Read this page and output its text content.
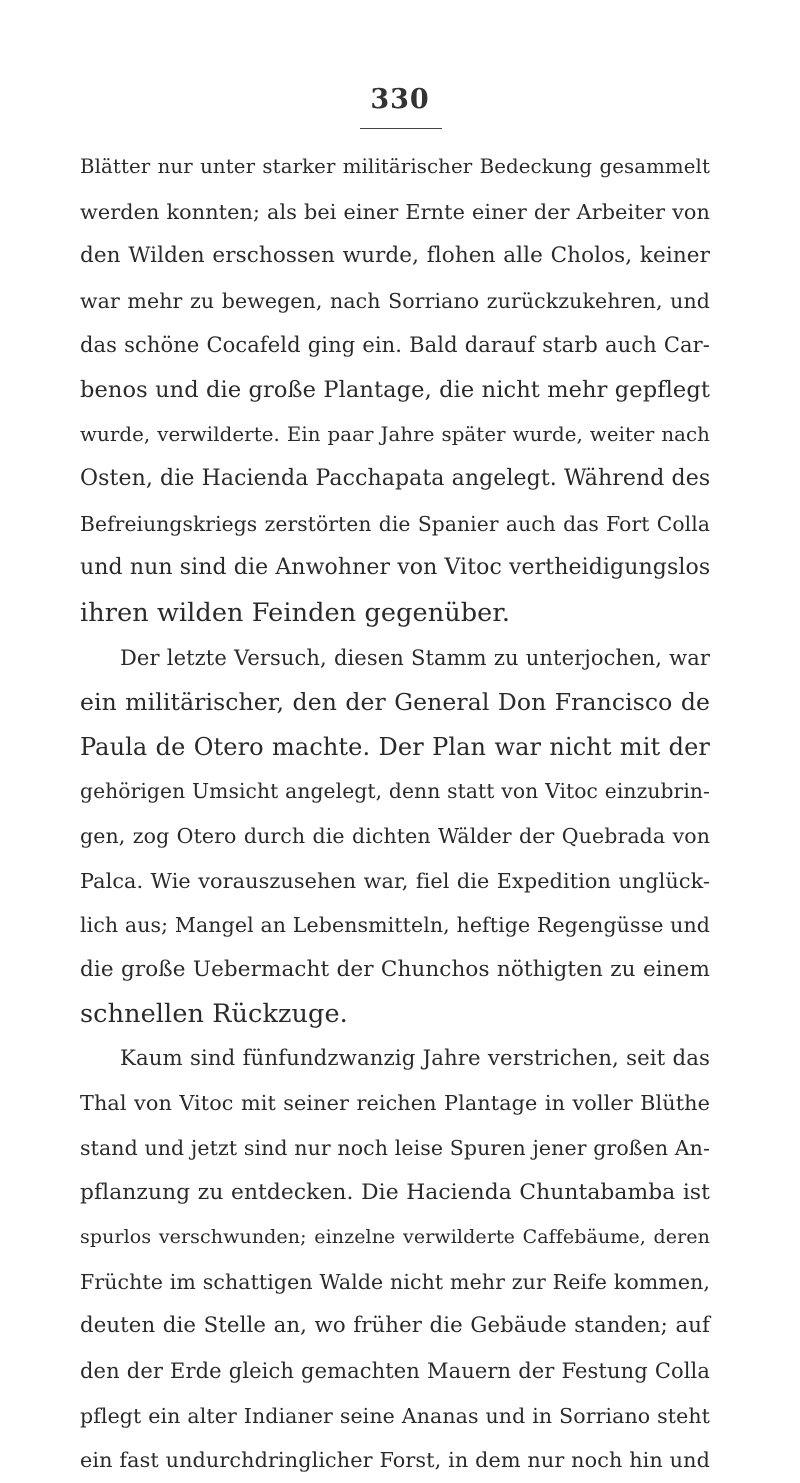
330
Blätter nur unter starker militärischer Bedeckung gesammelt
werden konnten; als bei einer Ernte einer der Arbeiter von
den Wilden erschossen wurde, flohen alle Cholos, keiner
war mehr zu bewegen, nach Sorriano zurückzukehren, und
das schöne Cocafeld ging ein. Bald darauf starb auch Car-
benos und die große Plantage, die nicht mehr gepflegt
wurde, verwilderte. Ein paar Jahre später wurde, weiter nach
Osten, die Hacienda Pacchapata angelegt. Während des
Befreiungskriegs zerstörten die Spanier auch das Fort Colla
und nun sind die Anwohner von Vitoc vertheidigungslos
ihren wilden Feinden gegenüber.
Der letzte Versuch, diesen Stamm zu unterjochen, war
ein militärischer, den der General Don Francisco de
Paula de Otero machte. Der Plan war nicht mit der
gehörigen Umsicht angelegt, denn statt von Vitoc einzubrin-
gen, zog Otero durch die dichten Wälder der Quebrada von
Palca. Wie vorauszusehen war, fiel die Expedition unglück-
lich aus; Mangel an Lebensmitteln, heftige Regengüsse und
die große Uebermacht der Chunchos nöthigten zu einem
schnellen Rückzuge.
Kaum sind fünfundzwanzig Jahre verstrichen, seit das
Thal von Vitoc mit seiner reichen Plantage in voller Blüthe
stand und jetzt sind nur noch leise Spuren jener großen An-
pflanzung zu entdecken. Die Hacienda Chuntabamba ist
spurlos verschwunden; einzelne verwilderte Caffebäume, deren
Früchte im schattigen Walde nicht mehr zur Reife kommen,
deuten die Stelle an, wo früher die Gebäude standen; auf
den der Erde gleich gemachten Mauern der Festung Colla
pflegt ein alter Indianer seine Ananas und in Sorriano steht
ein fast undurchdringlicher Forst, in dem nur noch hin und
